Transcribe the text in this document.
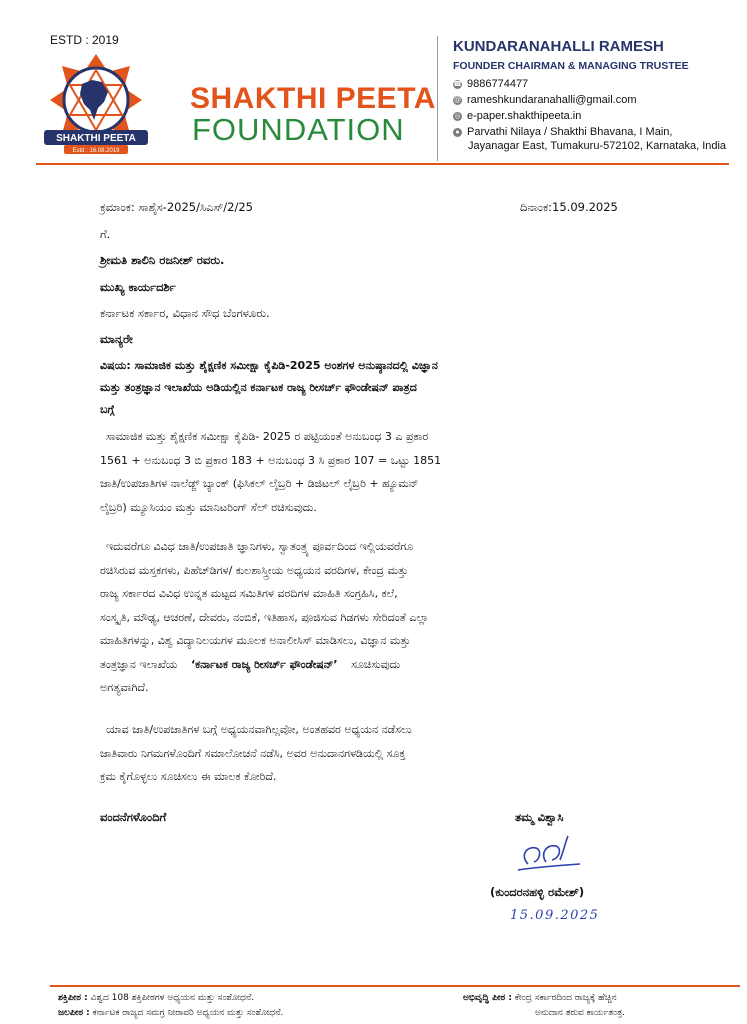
ESTD : 2019
SHAKTHI PEETA
Estd : 16.08.2019
SHAKTHI PEETA
FOUNDATION
KUNDARANAHALLI RAMESH
FOUNDER CHAIRMAN & MANAGING TRUSTEE
☎ 9886774477
@ rameshkundaranahalli@gmail.com
◎ e-paper.shakthipeeta.in
● Parvathi Nilaya / Shakthi Bhavana, I Main,
Jayanagar East, Tumakuru-572102, Karnataka, India
ಕ್ರಮಾಂಕ: ಸಾಶೈಸ-2025/ಸಿಎಸ್/2/25	ದಿನಾಂಕ:15.09.2025
ಗೆ.
ಶ್ರೀಮತಿ ಶಾಲಿನಿ ರಜನೀಶ್ ರವರು.
ಮುಖ್ಯ ಕಾರ್ಯದರ್ಶಿ
ಕರ್ನಾಟಕ ಸರ್ಕಾರ, ವಿಧಾನ ಸೌಧ ಬೆಂಗಳೂರು.
ಮಾನ್ಯರೇ
ವಿಷಯ: ಸಾಮಾಜಿಕ ಮತ್ತು ಶೈಕ್ಷಣಿಕ ಸಮೀಕ್ಷಾ ಕೈಪಿಡಿ-2025 ಅಂಶಗಳ ಅನುಷ್ಠಾನದಲ್ಲಿ ವಿಜ್ಞಾನ
ಮತ್ತು ತಂತ್ರಜ್ಞಾನ ಇಲಾಖೆಯ ಅಡಿಯಲ್ಲಿನ ಕರ್ನಾಟಕ ರಾಜ್ಯ ರೀಸರ್ಚ್ ಫೌಂಡೇಷನ್ ಪಾತ್ರದ
ಬಗ್ಗೆ
ಸಾಮಾಜಿಕ ಮತ್ತು ಶೈಕ್ಷಣಿಕ ಸಮೀಕ್ಷಾ ಕೈಪಿಡಿ- 2025 ರ ಪಟ್ಟಿಯಂತೆ ಅನುಬಂಧ 3 ಎ ಪ್ರಕಾರ
1561 + ಅನುಬಂಧ 3 ಬಿ ಪ್ರಕಾರ 183 + ಅನುಬಂಧ 3 ಸಿ ಪ್ರಕಾರ 107 = ಒಟ್ಟು 1851
ಜಾತಿ/ಉಪಜಾತಿಗಳ ನಾಲೆಡ್ಜ್ ಬ್ಯಾಂಕ್ (ಫಿಸಿಕಲ್ ಲೈಬ್ರರಿ + ಡಿಜಿಟಲ್ ಲೈಬ್ರರಿ + ಹ್ಯೂಮನ್
ಲೈಬ್ರರಿ) ಮ್ಯೂಸಿಯಂ ಮತ್ತು ಮಾನಿಟರಿಂಗ್ ಸೆಲ್ ರಚಿಸುವುದು.
ಇದುವರೆಗೂ ವಿವಿಧ ಜಾತಿ/ಉಪಜಾತಿ ಜ್ಞಾನಿಗಳು, ಸ್ವಾತಂತ್ರ್ಯ ಪೂರ್ವದಿಂದ ಇಲ್ಲಿಯವರೆಗೂ
ರಚಿಸಿರುವ ಮಸ್ತಕಗಳು, ಪಿಹೆಚ್‌ಡಿಗಳ/ ಕುಲಶಾಸ್ತ್ರೀಯ ಅಧ್ಯಯನ ವರದಿಗಳ, ಕೇಂದ್ರ ಮತ್ತು
ರಾಜ್ಯ ಸರ್ಕಾರದ ವಿವಿಧ ಉನ್ನತ ಮಟ್ಟದ ಸಮಿತಿಗಳ ವರದಿಗಳ ಮಾಹಿತಿ ಸಂಗ್ರಹಿಸಿ, ಕಲೆ,
ಸಂಸ್ಕೃತಿ, ಮೌಢ್ಯ, ಆಚರಣೆ, ದೇವರು, ನಂಬಿಕೆ, ಇತಿಹಾಸ, ಪೂಜಿಸುವ ಗಿಡಗಳು ಸೇರಿದಂತೆ ಎಲ್ಲಾ
ಮಾಹಿತಿಗಳನ್ನು, ವಿಶ್ವ ವಿದ್ಯಾನಿಲಯಗಳ ಮೂಲಕ ಅನಾಲೀಸಿಸ್ ಮಾಡಿಸಲು, ವಿಜ್ಞಾನ ಮತ್ತು
ತಂತ್ರಜ್ಞಾನ ಇಲಾಖೆಯ ‘ಕರ್ನಾಟಕ ರಾಜ್ಯ ರೀಸರ್ಚ್ ಫೌಂಡೇಷನ್’ ಸೂಚಿಸುವುದು
ಅಗತ್ಯವಾಗಿದೆ.
ಯಾವ ಜಾತಿ/ಉಪಜಾತಿಗಳ ಬಗ್ಗೆ ಅಧ್ಯಯನವಾಗಿಲ್ಲವೋ, ಅಂತಹವರ ಅಧ್ಯಯನ ನಡೆಸಲು
ಜಾತಿವಾರು ನಿಗಮಗಳೊಂದಿಗೆ ಸಮಾಲೋಚನೆ ನಡೆಸಿ, ಅವರ ಅನುದಾನಗಳಡಿಯಲ್ಲಿ ಸೂಕ್ತ
ಕ್ರಮ ಕೈಗೊಳ್ಳಲು ಸೂಚಿಸಲು ಈ ಮಾಲಕ ಕೋರಿದೆ.
ವಂದನೆಗಳೊಂದಿಗೆ	ತಮ್ಮ ವಿಶ್ವಾಸಿ
(ಕುಂದರನಹಳ್ಳಿ ರಮೇಶ್)
15.09.2025
ಶಕ್ತಿಪೀಠ : ವಿಶ್ವದ 108 ಶಕ್ತಿಪೀಠಗಳ ಅಧ್ಯಯನ ಮತ್ತು ಸಂಶೋಧನೆ.
ಜಲಪೀಠ : ಕರ್ನಾಟಕ ರಾಜ್ಯದ ಸಮಗ್ರ ನೀರಾವರಿ ಅಧ್ಯಯನ ಮತ್ತು ಸಂಶೋಧನೆ.
ಅಭಿವೃದ್ಧಿ ಪೀಠ : ಕೇಂದ್ರ ಸರ್ಕಾರದಿಂದ ರಾಜ್ಯಕ್ಕೆ ಹೆಚ್ಚಿನ
ಅನುದಾನ ತರುವ ಕಾರ್ಯತಂತ್ರ.
